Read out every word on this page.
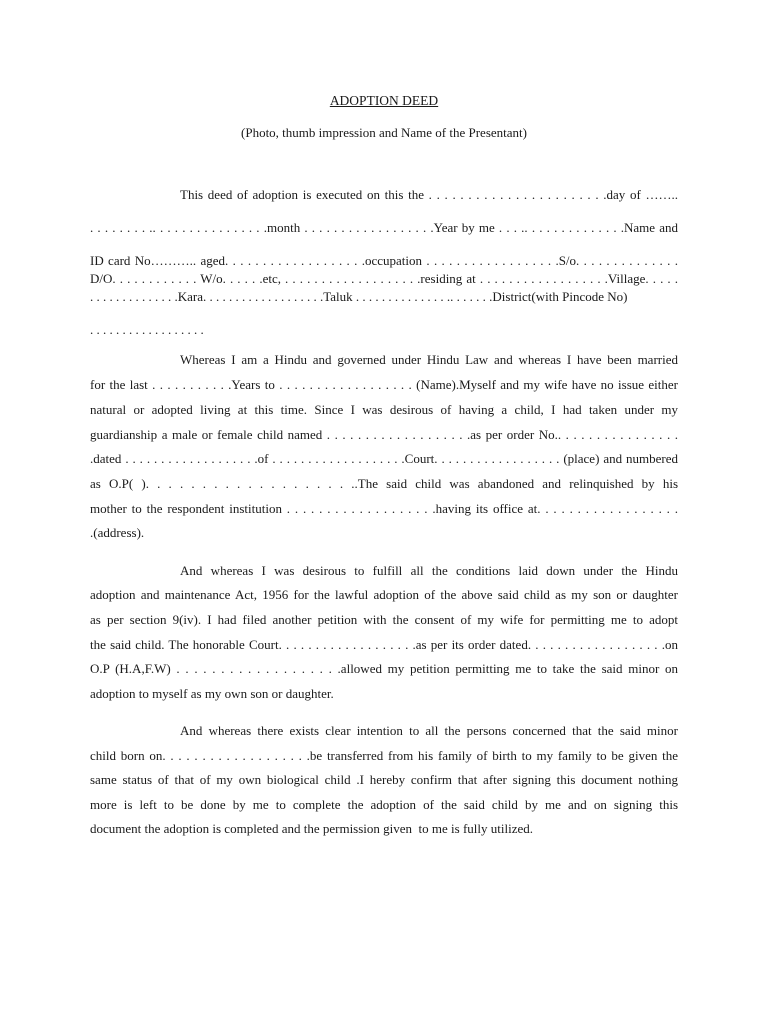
ADOPTION DEED

(Photo, thumb impression and Name of the Presentant)

This deed of adoption is executed on this the . . . . . . . . . . . . . . . . . . . . . . .day of ……..

. . . . . . . . .. . . . . . . . . . . . . . . .month . . . . . . . . . . . . . . . . . .Year by me . . . .. . . . . . . . . . . . . .Name and

ID card No……….. aged. . . . . . . . . . . . . . . . . . .occupation . . . . . . . . . . . . . . . . . .S/o. . . . . . . . . . . . . .

D/O. . . . . . . . . . . . W/o. . . . . .etc, . . . . . . . . . . . . . . . . . . .residing at . . . . . . . . . . . . . . . . . .Village. . . . .

. . . . . . . . . . . . . .Kara. . . . . . . . . . . . . . . . . . .Taluk . . . . . . . . . . . . . . .. . . . . . .District(with Pincode No)

. . . . . . . . . . . . . . . . . .

Whereas I am a Hindu and governed under Hindu Law and whereas I have been married

for the last . . . . . . . . . . .Years to . . . . . . . . . . . . . . . . . . (Name).Myself and my wife have no issue either

natural or adopted living at this time. Since I was desirous of having a child, I had taken under my

guardianship a male or female child named . . . . . . . . . . . . . . . . . . .as per order No.. . . . . . . . . . . . . . . .

.dated . . . . . . . . . . . . . . . . . . .of . . . . . . . . . . . . . . . . . . .Court. . . . . . . . . . . . . . . . . . (place) and numbered

as O.P( ). . . . . . . . . . . . . . . . . . ..The said child was abandoned and relinquished by his

mother to the respondent institution . . . . . . . . . . . . . . . . . . .having its office at. . . . . . . . . . . . . . . . . .

.(address).

And whereas I was desirous to fulfill all the conditions laid down under the Hindu

adoption and maintenance Act, 1956 for the lawful adoption of the above said child as my son or daughter

as per section 9(iv). I had filed another petition with the consent of my wife for permitting me to adopt

the said child. The honorable Court. . . . . . . . . . . . . . . . . . .as per its order dated. . . . . . . . . . . . . . . . . . .on

O.P (H.A,F.W) . . . . . . . . . . . . . . . . . . .allowed my petition permitting me to take the said minor on

adoption to myself as my own son or daughter.

And whereas there exists clear intention to all the persons concerned that the said minor

child born on. . . . . . . . . . . . . . . . . . .be transferred from his family of birth to my family to be given the

same status of that of my own biological child .I hereby confirm that after signing this document nothing

more is left to be done by me to complete the adoption of the said child by me and on signing this

document the adoption is completed and the permission given  to me is fully utilized.
